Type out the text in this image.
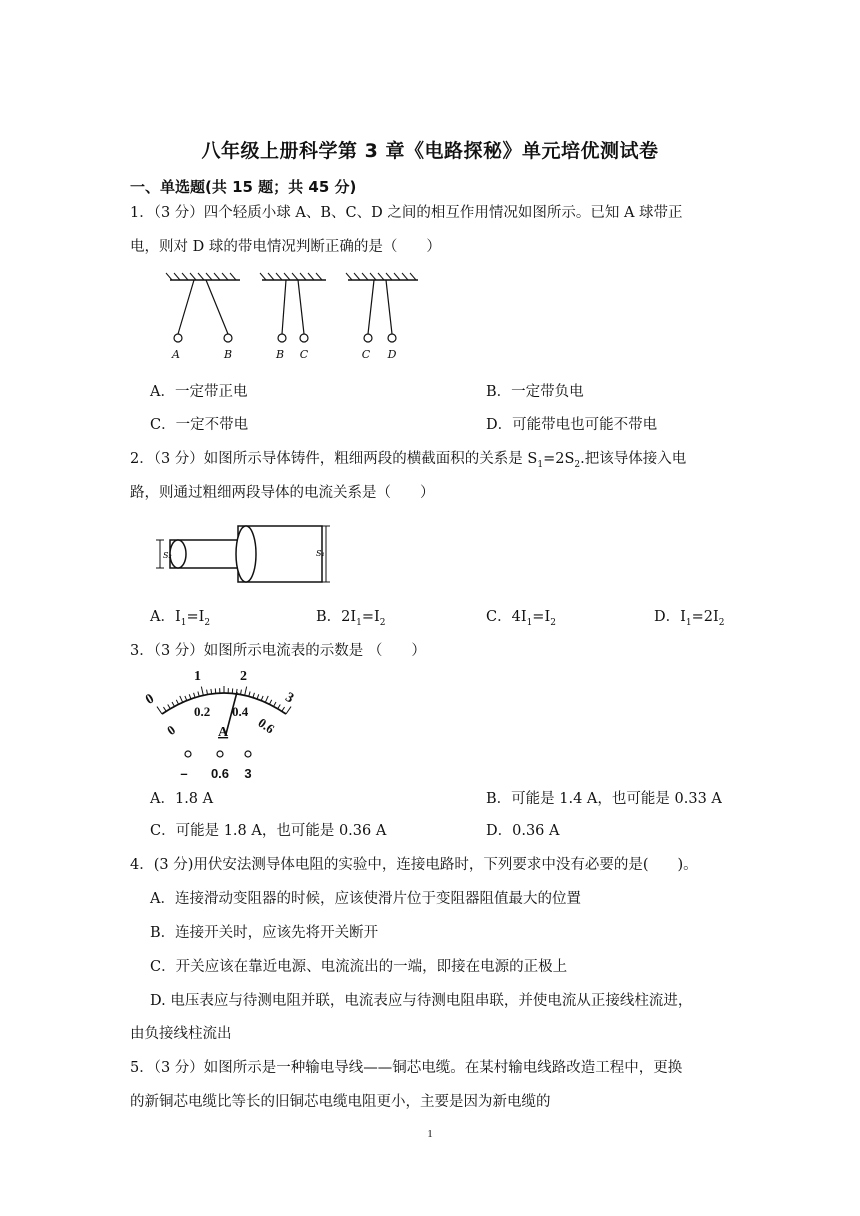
八年级上册科学第 3 章《电路探秘》单元培优测试卷
一、单选题(共 15 题；共 45 分)
1．（3 分）四个轻质小球 A、B、C、D 之间的相互作用情况如图所示。已知 A 球带正
电，则对 D 球的带电情况判断正确的是（　　）
A	B	B C	C D
A．一定带正电	B．一定带负电
C．一定不带电	D．可能带电也可能不带电
2．（3 分）如图所示导体铸件，粗细两段的横截面积的关系是 $S_1=2S_2$.把该导体接入电
路，则通过粗细两段导体的电流关系是（　　）
S₂	S₁
A．$I_1=I_2$	B．$2I_1=I_2$	C．$4I_1=I_2$	D．$I_1=2I_2$
3．（3 分）如图所示电流表的示数是 （　　）
0
1	2
3
0
0.2 0.4
0.6
A
– 0.6 3
A．1.8 A	B．可能是 1.4 A，也可能是 0.33 A
C．可能是 1.8 A，也可能是 0.36 A	D．0.36 A
4．(3 分)用伏安法测导体电阻的实验中，连接电路时，下列要求中没有必要的是(　　)。
A．连接滑动变阻器的时候，应该使滑片位于变阻器阻值最大的位置
B．连接开关时，应该先将开关断开
C．开关应该在靠近电源、电流流出的一端，即接在电源的正极上
D. 电压表应与待测电阻并联，电流表应与待测电阻串联，并使电流从正接线柱流进，
由负接线柱流出
5．（3 分）如图所示是一种输电导线——铜芯电缆。在某村输电线路改造工程中，更换
的新铜芯电缆比等长的旧铜芯电缆电阻更小，主要是因为新电缆的
1
